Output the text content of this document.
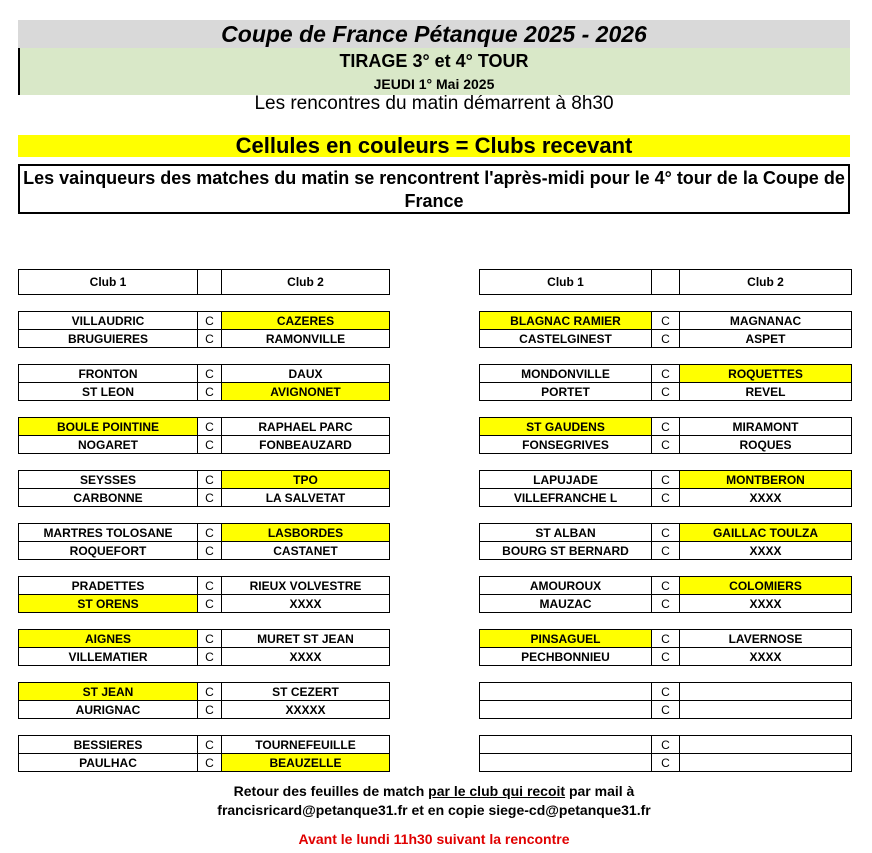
Coupe de France Pétanque 2025 - 2026
TIRAGE 3° et 4° TOUR
JEUDI 1° Mai 2025
Les rencontres du matin démarrent à 8h30
Cellules en couleurs = Clubs recevant
Les vainqueurs des matches du matin se rencontrent l'après-midi pour le 4° tour de la Coupe de France
Club 1		Club 2

VILLAUDRIC	C	CAZERES
BRUGUIERES	C	RAMONVILLE

FRONTON	C	DAUX
ST LEON	C	AVIGNONET

BOULE POINTINE	C	RAPHAEL PARC
NOGARET	C	FONBEAUZARD

SEYSSES	C	TPO
CARBONNE	C	LA SALVETAT

MARTRES TOLOSANE	C	LASBORDES
ROQUEFORT	C	CASTANET

PRADETTES	C	RIEUX VOLVESTRE
ST ORENS	C	XXXX

AIGNES	C	MURET ST JEAN
VILLEMATIER	C	XXXX

ST JEAN	C	ST CEZERT
AURIGNAC	C	XXXXX

BESSIERES	C	TOURNEFEUILLE
PAULHAC	C	BEAUZELLE
Club 1		Club 2

BLAGNAC RAMIER	C	MAGNANAC
CASTELGINEST	C	ASPET

MONDONVILLE	C	ROQUETTES
PORTET	C	REVEL

ST GAUDENS	C	MIRAMONT
FONSEGRIVES	C	ROQUES

LAPUJADE	C	MONTBERON
VILLEFRANCHE L	C	XXXX

ST ALBAN	C	GAILLAC TOULZA
BOURG ST BERNARD	C	XXXX

AMOUROUX	C	COLOMIERS
MAUZAC	C	XXXX

PINSAGUEL	C	LAVERNOSE
PECHBONNIEU	C	XXXX

	C	
	C	

	C	
	C	
Retour des feuilles de match par le club qui recoit par mail à
francisricard@petanque31.fr et en copie siege-cd@petanque31.fr
Avant le lundi 11h30 suivant la rencontre
